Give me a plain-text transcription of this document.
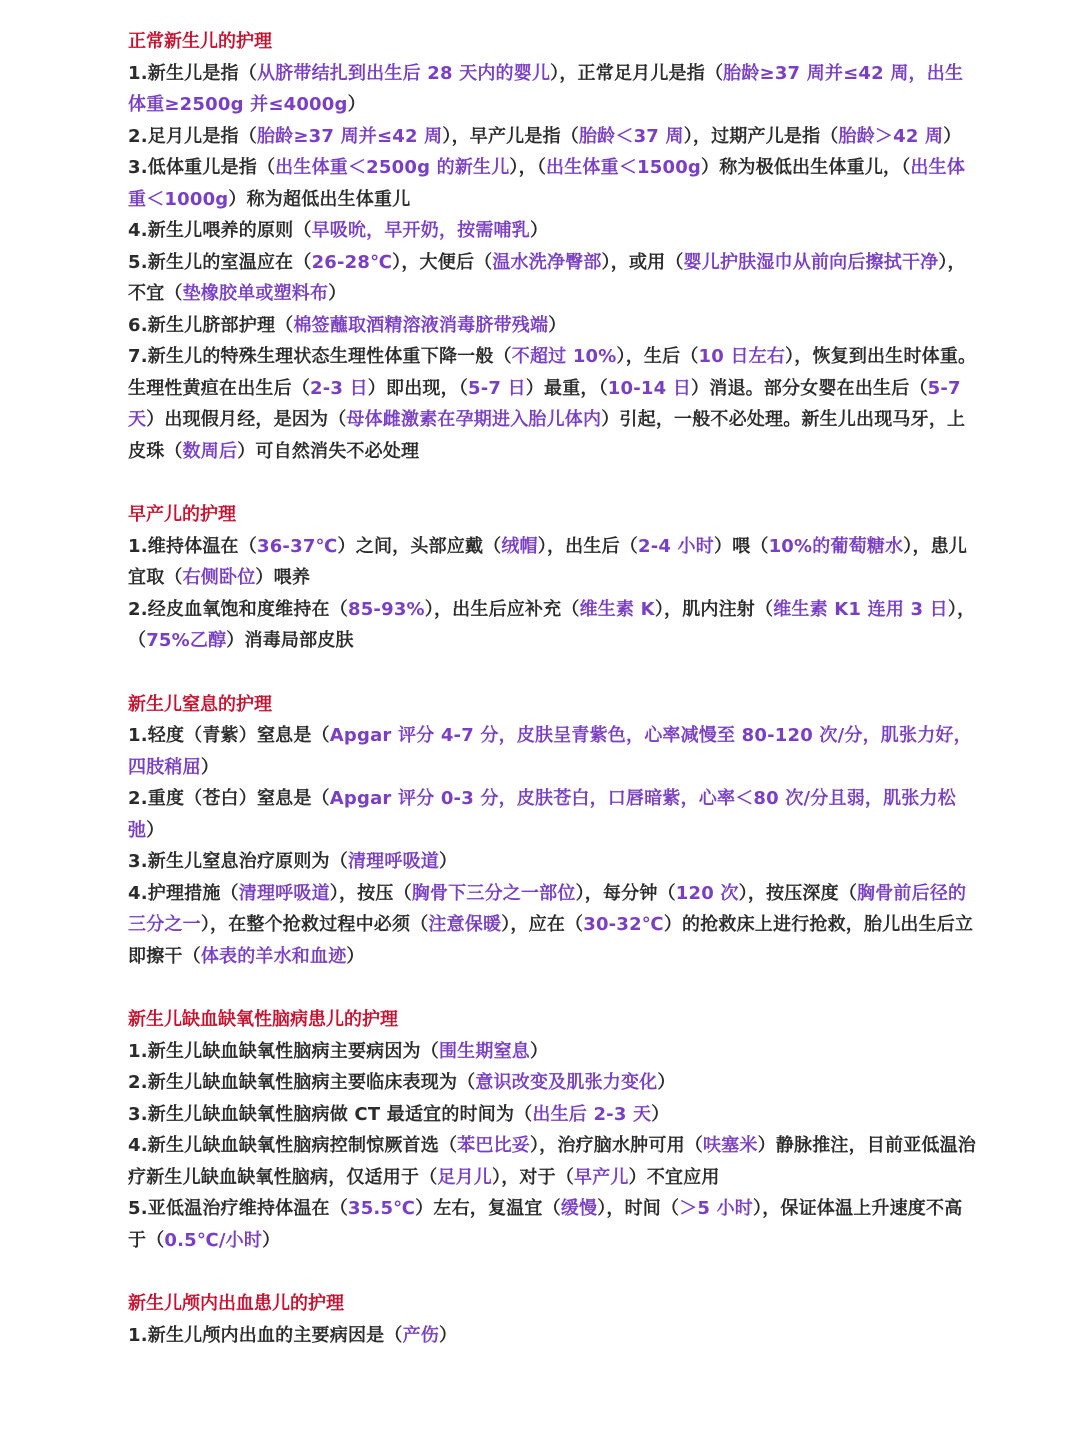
正常新生儿的护理
1.新生儿是指（从脐带结扎到出生后 28 天内的婴儿），正常足月儿是指（胎龄≥37 周并≤42 周，出生体重≥2500g 并≤4000g）
2.足月儿是指（胎龄≥37 周并≤42 周），早产儿是指（胎龄＜37 周），过期产儿是指（胎龄＞42 周）
3.低体重儿是指（出生体重＜2500g 的新生儿），（出生体重＜1500g）称为极低出生体重儿，（出生体重＜1000g）称为超低出生体重儿
4.新生儿喂养的原则（早吸吮，早开奶，按需哺乳）
5.新生儿的室温应在（26-28℃），大便后（温水洗净臀部），或用（婴儿护肤湿巾从前向后擦拭干净），不宜（垫橡胶单或塑料布）
6.新生儿脐部护理（棉签蘸取酒精溶液消毒脐带残端）
7.新生儿的特殊生理状态生理性体重下降一般（不超过 10%），生后（10 日左右），恢复到出生时体重。生理性黄疸在出生后（2-3 日）即出现，（5-7 日）最重，（10-14 日）消退。部分女婴在出生后（5-7 天）出现假月经，是因为（母体雌激素在孕期进入胎儿体内）引起，一般不必处理。新生儿出现马牙，上皮珠（数周后）可自然消失不必处理
早产儿的护理
1.维持体温在（36-37℃）之间，头部应戴（绒帽），出生后（2-4 小时）喂（10%的葡萄糖水），患儿宜取（右侧卧位）喂养
2.经皮血氧饱和度维持在（85-93%），出生后应补充（维生素 K），肌内注射（维生素 K1 连用 3 日），（75%乙醇）消毒局部皮肤
新生儿窒息的护理
1.轻度（青紫）窒息是（Apgar 评分 4-7 分，皮肤呈青紫色，心率减慢至 80-120 次/分，肌张力好，四肢稍屈）
2.重度（苍白）窒息是（Apgar 评分 0-3 分，皮肤苍白，口唇暗紫，心率＜80 次/分且弱，肌张力松弛）
3.新生儿窒息治疗原则为（清理呼吸道）
4.护理措施（清理呼吸道），按压（胸骨下三分之一部位），每分钟（120 次），按压深度（胸骨前后径的三分之一），在整个抢救过程中必须（注意保暖），应在（30-32℃）的抢救床上进行抢救，胎儿出生后立即擦干（体表的羊水和血迹）
新生儿缺血缺氧性脑病患儿的护理
1.新生儿缺血缺氧性脑病主要病因为（围生期窒息）
2.新生儿缺血缺氧性脑病主要临床表现为（意识改变及肌张力变化）
3.新生儿缺血缺氧性脑病做 CT 最适宜的时间为（出生后 2-3 天）
4.新生儿缺血缺氧性脑病控制惊厥首选（苯巴比妥），治疗脑水肿可用（呋塞米）静脉推注，目前亚低温治疗新生儿缺血缺氧性脑病，仅适用于（足月儿），对于（早产儿）不宜应用
5.亚低温治疗维持体温在（35.5℃）左右，复温宜（缓慢），时间（＞5 小时），保证体温上升速度不高于（0.5℃/小时）
新生儿颅内出血患儿的护理
1.新生儿颅内出血的主要病因是（产伤）
